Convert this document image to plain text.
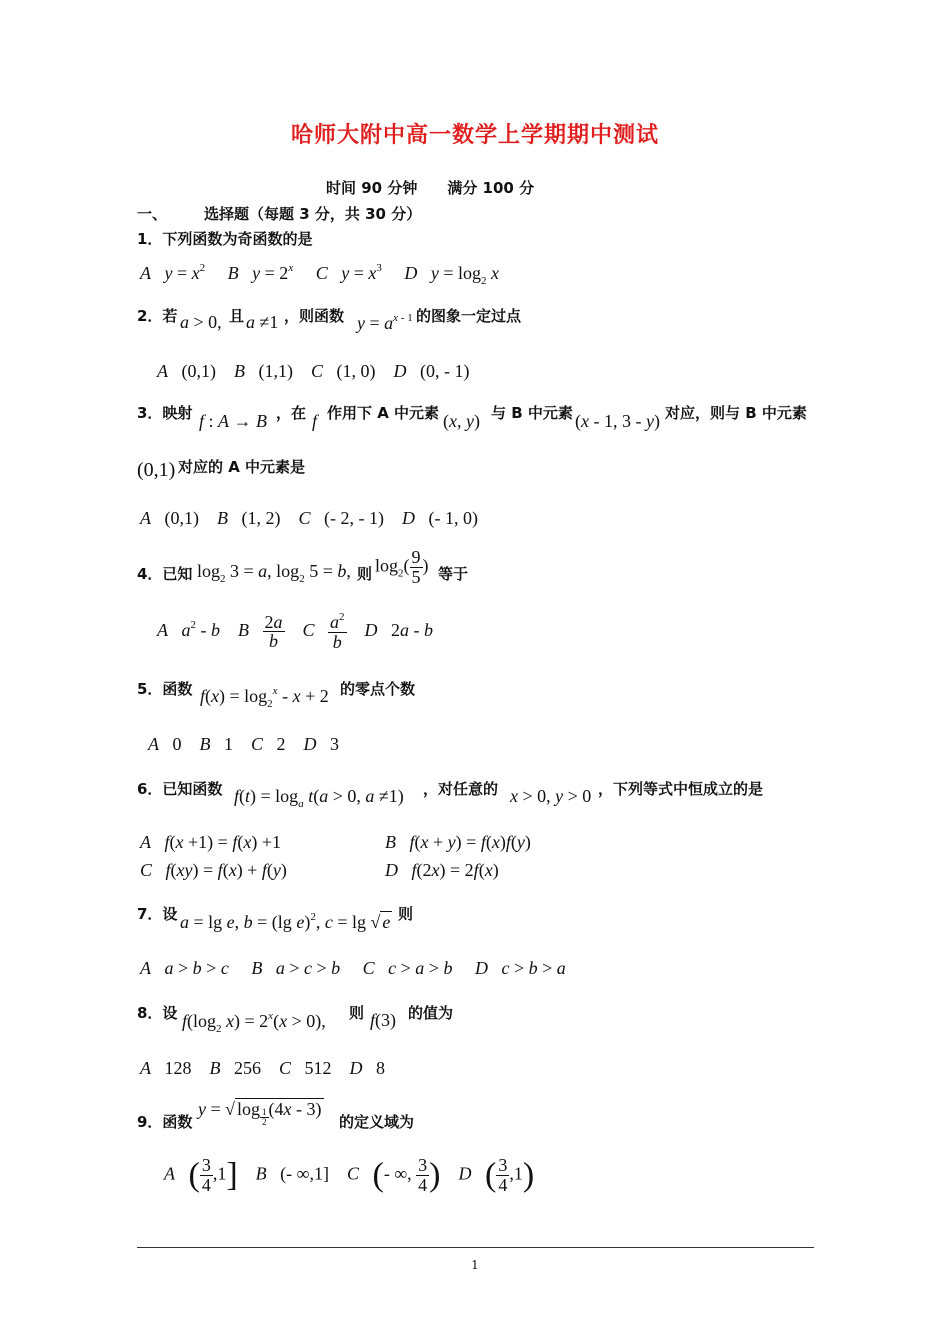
哈师大附中高一数学上学期期中测试
时间 90 分钟　　满分 100 分
一、 选择题（每题 3 分，共 30 分）
1．下列函数为奇函数的是
A $y = x^2$ B $y = 2^x$ C $y = x^3$ D $y = \log_2 x$
2．若 a > 0, 且 a ≠1 ，则函数 $y = a^{x - 1}$ 的图象一定过点
A   (0,1)    B   (1,1)    C   (1, 0)    D   (0, - 1)
3．映射 f : A → B ，在 f 作用下 A 中元素 (x, y) 与 B 中元素 (x - 1, 3 - y) 对应，则与 B 中元素
(0,1) 对应的 A 中元素是
A   (0,1)    B   (1, 2)    C   (- 2, - 1)    D   (- 1, 0)
4．已知 $\log_2 3 = a$, $\log_2 5 = b$, 则 $\log_2( \frac{9}{5}$ ) 等于
A $a^2$ - b B $\frac{2a}{b}$ C $\frac{a^2}{b}$ D   2a - b
5．函数 $f(x) = \log_2^x - x + 2$ 的零点个数
A 0 B 1 C 2 D 3
6．已知函数 $f(t) = \log_a t(a > 0$, a ≠1) ，对任意的 x > 0, y > 0 ，下列等式中恒成立的是
A f(x +1) = f(x) +1	B f(x + y) = f(x)f(y)
C f(xy) = f(x) + f(y)	D f(2x) = 2f(x)
7．设 a = lg e, b = (lg e)$^2$, c = lg √ e 则
A a > b > c B a > c > b C c > a > b D c > b > a
8．设 $f(\log_2$ $x) = 2^x(x > 0)$, 则 f(3) 的值为
A 128 B 256 C 512 D 8
9．函数
y = √ log $_{\frac{1}{2}}$ (4x - 3)
的定义域为
A ( $\frac{3}{4} ,1$] B   (- ∞,1]    C (- ∞, $\frac{3}{4}$ ) D ( $\frac{3}{4} ,1$)
1
